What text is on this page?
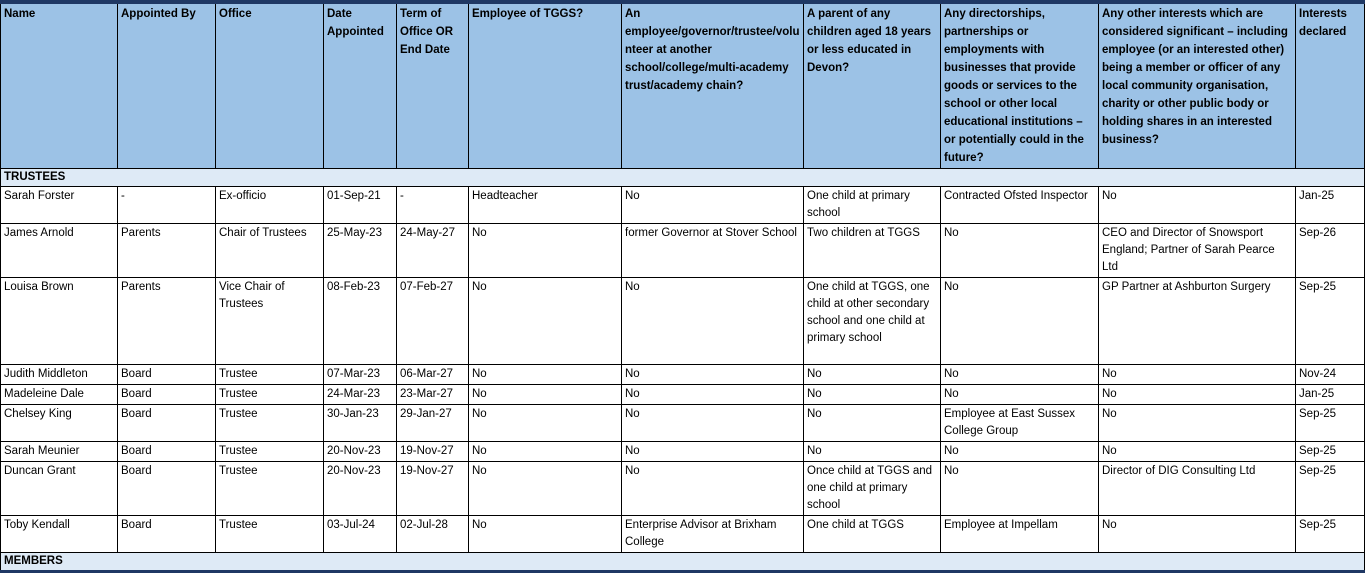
Name	Appointed By	Office	Date Appointed	Term of Office OR End Date	Employee of TGGS?	An employee/governor/trustee/volunteer at another school/college/multi-academy trust/academy chain?	A parent of any children aged 18 years or less educated in Devon?	Any directorships, partnerships or employments with businesses that provide goods or services to the school or other local educational institutions – or potentially could in the future?	Any other interests which are considered significant – including employee (or an interested other) being a member or officer of any local community organisation, charity or other public body or holding shares in an interested business?	Interests declared
TRUSTEES										
Sarah Forster	-	Ex-officio	01-Sep-21	-	Headteacher	No	One child at primary school	Contracted Ofsted Inspector	No	Jan-25
James Arnold	Parents	Chair of Trustees	25-May-23	24-May-27	No	former Governor at Stover School	Two children at TGGS	No	CEO and Director of Snowsport England; Partner of Sarah Pearce Ltd	Sep-26
Louisa Brown	Parents	Vice Chair of Trustees	08-Feb-23	07-Feb-27	No	No	One child at TGGS, one child at other secondary school and one child at primary school	No	GP Partner at Ashburton Surgery	Sep-25
Judith Middleton	Board	Trustee	07-Mar-23	06-Mar-27	No	No	No	No	No	Nov-24
Madeleine Dale	Board	Trustee	24-Mar-23	23-Mar-27	No	No	No	No	No	Jan-25
Chelsey King	Board	Trustee	30-Jan-23	29-Jan-27	No	No	No	Employee at East Sussex College Group	No	Sep-25
Sarah Meunier	Board	Trustee	20-Nov-23	19-Nov-27	No	No	No	No	No	Sep-25
Duncan Grant	Board	Trustee	20-Nov-23	19-Nov-27	No	No	Once child at TGGS and one child at primary school	No	Director of DIG Consulting Ltd	Sep-25
Toby Kendall	Board	Trustee	03-Jul-24	02-Jul-28	No	Enterprise Advisor at Brixham College	One child at TGGS	Employee at Impellam	No	Sep-25
MEMBERS										
